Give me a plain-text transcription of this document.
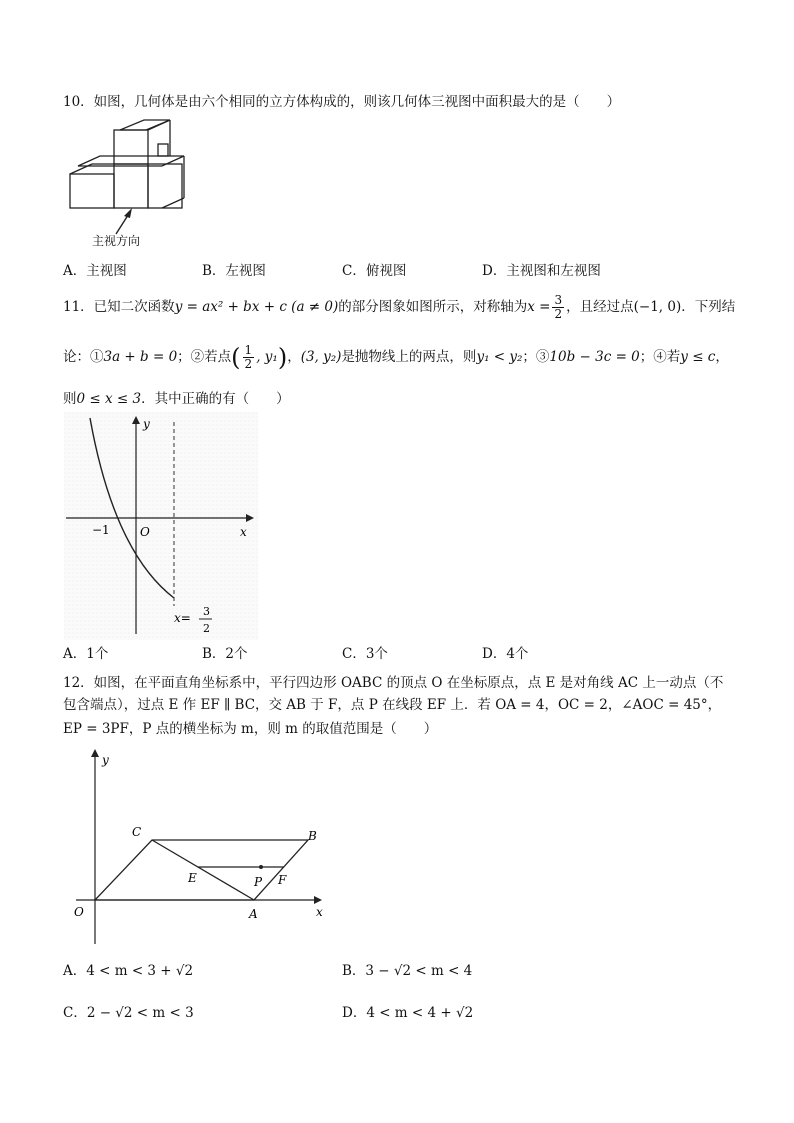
10．如图，几何体是由六个相同的立方体构成的，则该几何体三视图中面积最大的是（　　）
主视方向
A．主视图	B．左视图	C．俯视图	D．主视图和左视图
11．已知二次函数y = ax² + bx + c (a ≠ 0)的部分图象如图所示，对称轴为$x = \frac{3}{2}$ ，且经过点(−1, 0)．下列结
论：①3a + b = 0；②若点( $\frac{1}{2}$ , y₁)，(3, y₂)是抛物线上的两点，则y₁ < y₂；③10b − 3c = 0；④若y ≤ c，
则0 ≤ x ≤ 3．其中正确的有（　　）
y
x
O
−1
x= 3
2
A．1个	B．2个	C．3个	D．4个
12．如图，在平面直角坐标系中，平行四边形 OABC 的顶点 O 在坐标原点，点 E 是对角线 AC 上一动点（不
包含端点），过点 E 作 EF ∥ BC，交 AB 于 F，点 P 在线段 EF 上．若 OA = 4，OC = 2，∠AOC = 45°，
EP = 3PF，P 点的横坐标为 m，则 m 的取值范围是（　　）
y
x
O	A
B
C
E	F
P
A．4 < m < 3 + √2	B．3 − √2 < m < 4
C．2 − √2 < m < 3	D．4 < m < 4 + √2
